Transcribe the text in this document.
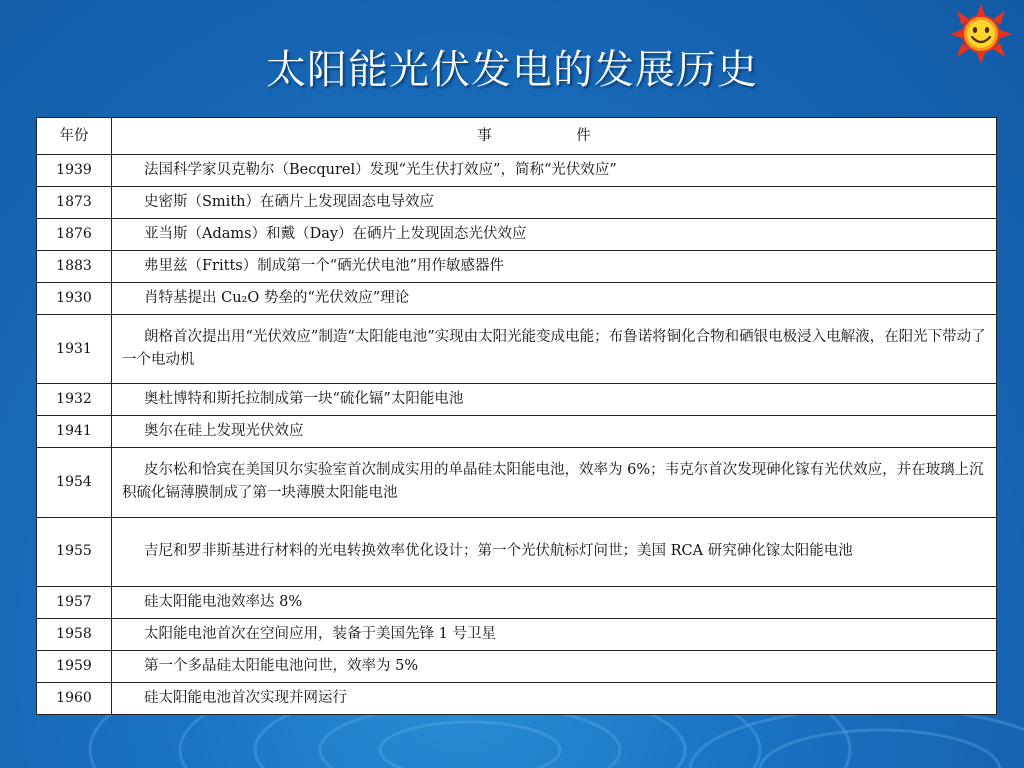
太阳能光伏发电的发展历史
年份	事 件
1939	法国科学家贝克勒尔（Becqurel）发现“光生伏打效应”，简称“光伏效应”
1873	史密斯（Smith）在硒片上发现固态电导效应
1876	亚当斯（Adams）和戴（Day）在硒片上发现固态光伏效应
1883	弗里兹（Fritts）制成第一个“硒光伏电池”用作敏感器件
1930	肖特基提出 Cu₂O 势垒的“光伏效应”理论
1931	朗格首次提出用“光伏效应”制造“太阳能电池”实现由太阳光能变成电能；布鲁诺将铜化合物和硒银电极浸入电解液，在阳光下带动了一个电动机
1932	奥杜博特和斯托拉制成第一块“硫化镉”太阳能电池
1941	奥尔在硅上发现光伏效应
1954	皮尔松和恰宾在美国贝尔实验室首次制成实用的单晶硅太阳能电池，效率为 6%；韦克尔首次发现砷化镓有光伏效应，并在玻璃上沉积硫化镉薄膜制成了第一块薄膜太阳能电池
1955	吉尼和罗非斯基进行材料的光电转换效率优化设计；第一个光伏航标灯问世；美国 RCA 研究砷化镓太阳能电池
1957	硅太阳能电池效率达 8%
1958	太阳能电池首次在空间应用，装备于美国先锋 1 号卫星
1959	第一个多晶硅太阳能电池问世，效率为 5%
1960	硅太阳能电池首次实现并网运行
